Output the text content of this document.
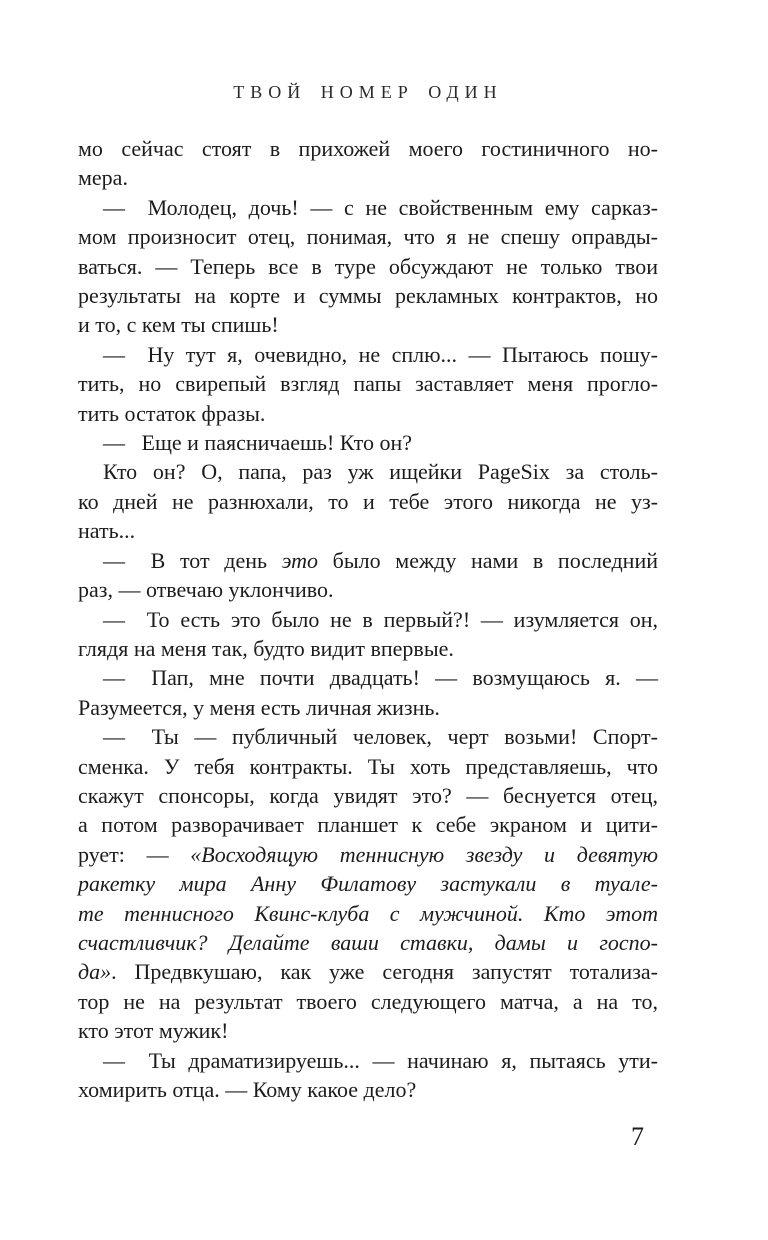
ТВОЙ НОМЕР ОДИН
мо сейчас стоят в прихожей моего гостиничного но-
мера.
—  Молодец, дочь! — с не свойственным ему сарказ-
мом произносит отец, понимая, что я не спешу оправды-
ваться. — Теперь все в туре обсуждают не только твои
результаты на корте и суммы рекламных контрактов, но
и то, с кем ты спишь!
—  Ну тут я, очевидно, не сплю... — Пытаюсь пошу-
тить, но свирепый взгляд папы заставляет меня прогло-
тить остаток фразы.
—  Еще и паясничаешь! Кто он?
Кто он? О, папа, раз уж ищейки PageSix за столь-
ко дней не разнюхали, то и тебе этого никогда не уз-
нать...
—  В тот день это было между нами в последний
раз, — отвечаю уклончиво.
—  То есть это было не в первый?! — изумляется он,
глядя на меня так, будто видит впервые.
—  Пап, мне почти двадцать! — возмущаюсь я. —
Разумеется, у меня есть личная жизнь.
—  Ты — публичный человек, черт возьми! Спорт-
сменка. У тебя контракты. Ты хоть представляешь, что
скажут спонсоры, когда увидят это? — беснуется отец,
а потом разворачивает планшет к себе экраном и цити-
рует: — «Восходящую теннисную звезду и девятую
ракетку мира Анну Филатову застукали в туале-
те теннисного Квинс-клуба с мужчиной. Кто этот
счастливчик? Делайте ваши ставки, дамы и госпо-
да». Предвкушаю, как уже сегодня запустят тотализа-
тор не на результат твоего следующего матча, а на то,
кто этот мужик!
—  Ты драматизируешь... — начинаю я, пытаясь ути-
хомирить отца. — Кому какое дело?
7
